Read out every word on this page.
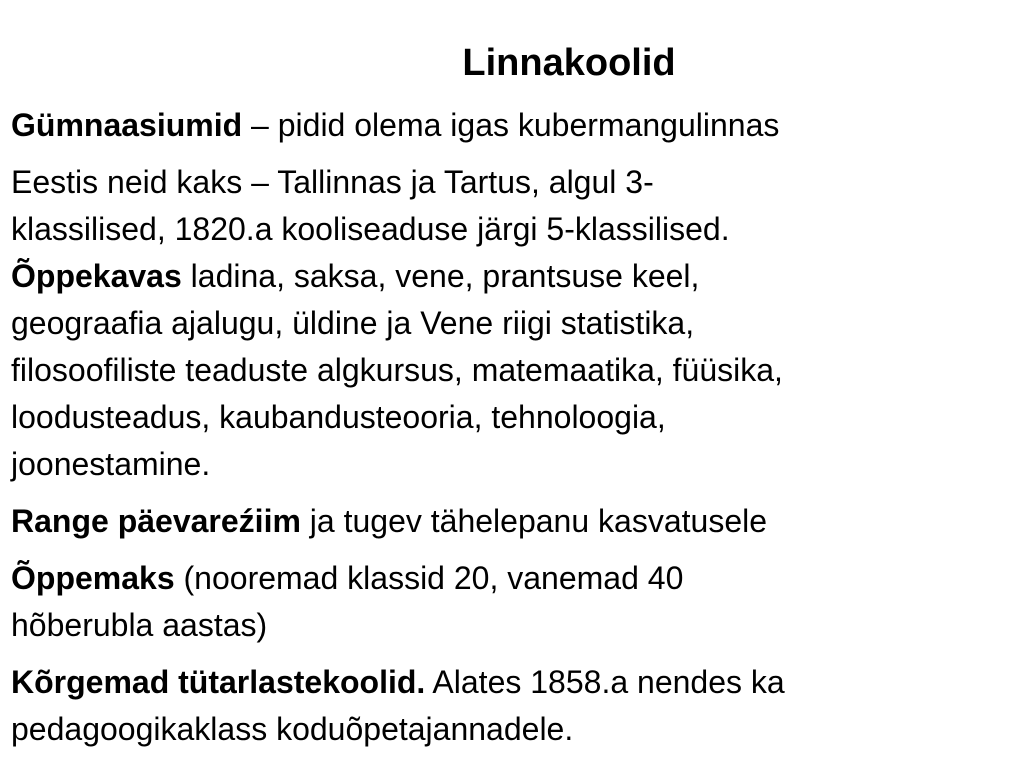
Linnakoolid

Gümnaasiumid – pidid olema igas kubermangulinnas

Eestis neid kaks – Tallinnas ja Tartus, algul 3-
klassilised, 1820.a kooliseaduse järgi 5-klassilised.
Õppekavas ladina, saksa, vene, prantsuse keel,
geograafia ajalugu, üldine ja Vene riigi statistika,
filosoofiliste teaduste algkursus, matemaatika, füüsika,
loodusteadus, kaubandusteooria, tehnoloogia,
joonestamine.

Range päevareźiim ja tugev tähelepanu kasvatusele

Õppemaks (nooremad klassid 20, vanemad 40
hõberubla aastas)
Kõrgemad tütarlastekoolid. Alates 1858.a nendes ka
pedagoogikaklass koduõpetajannadele.
